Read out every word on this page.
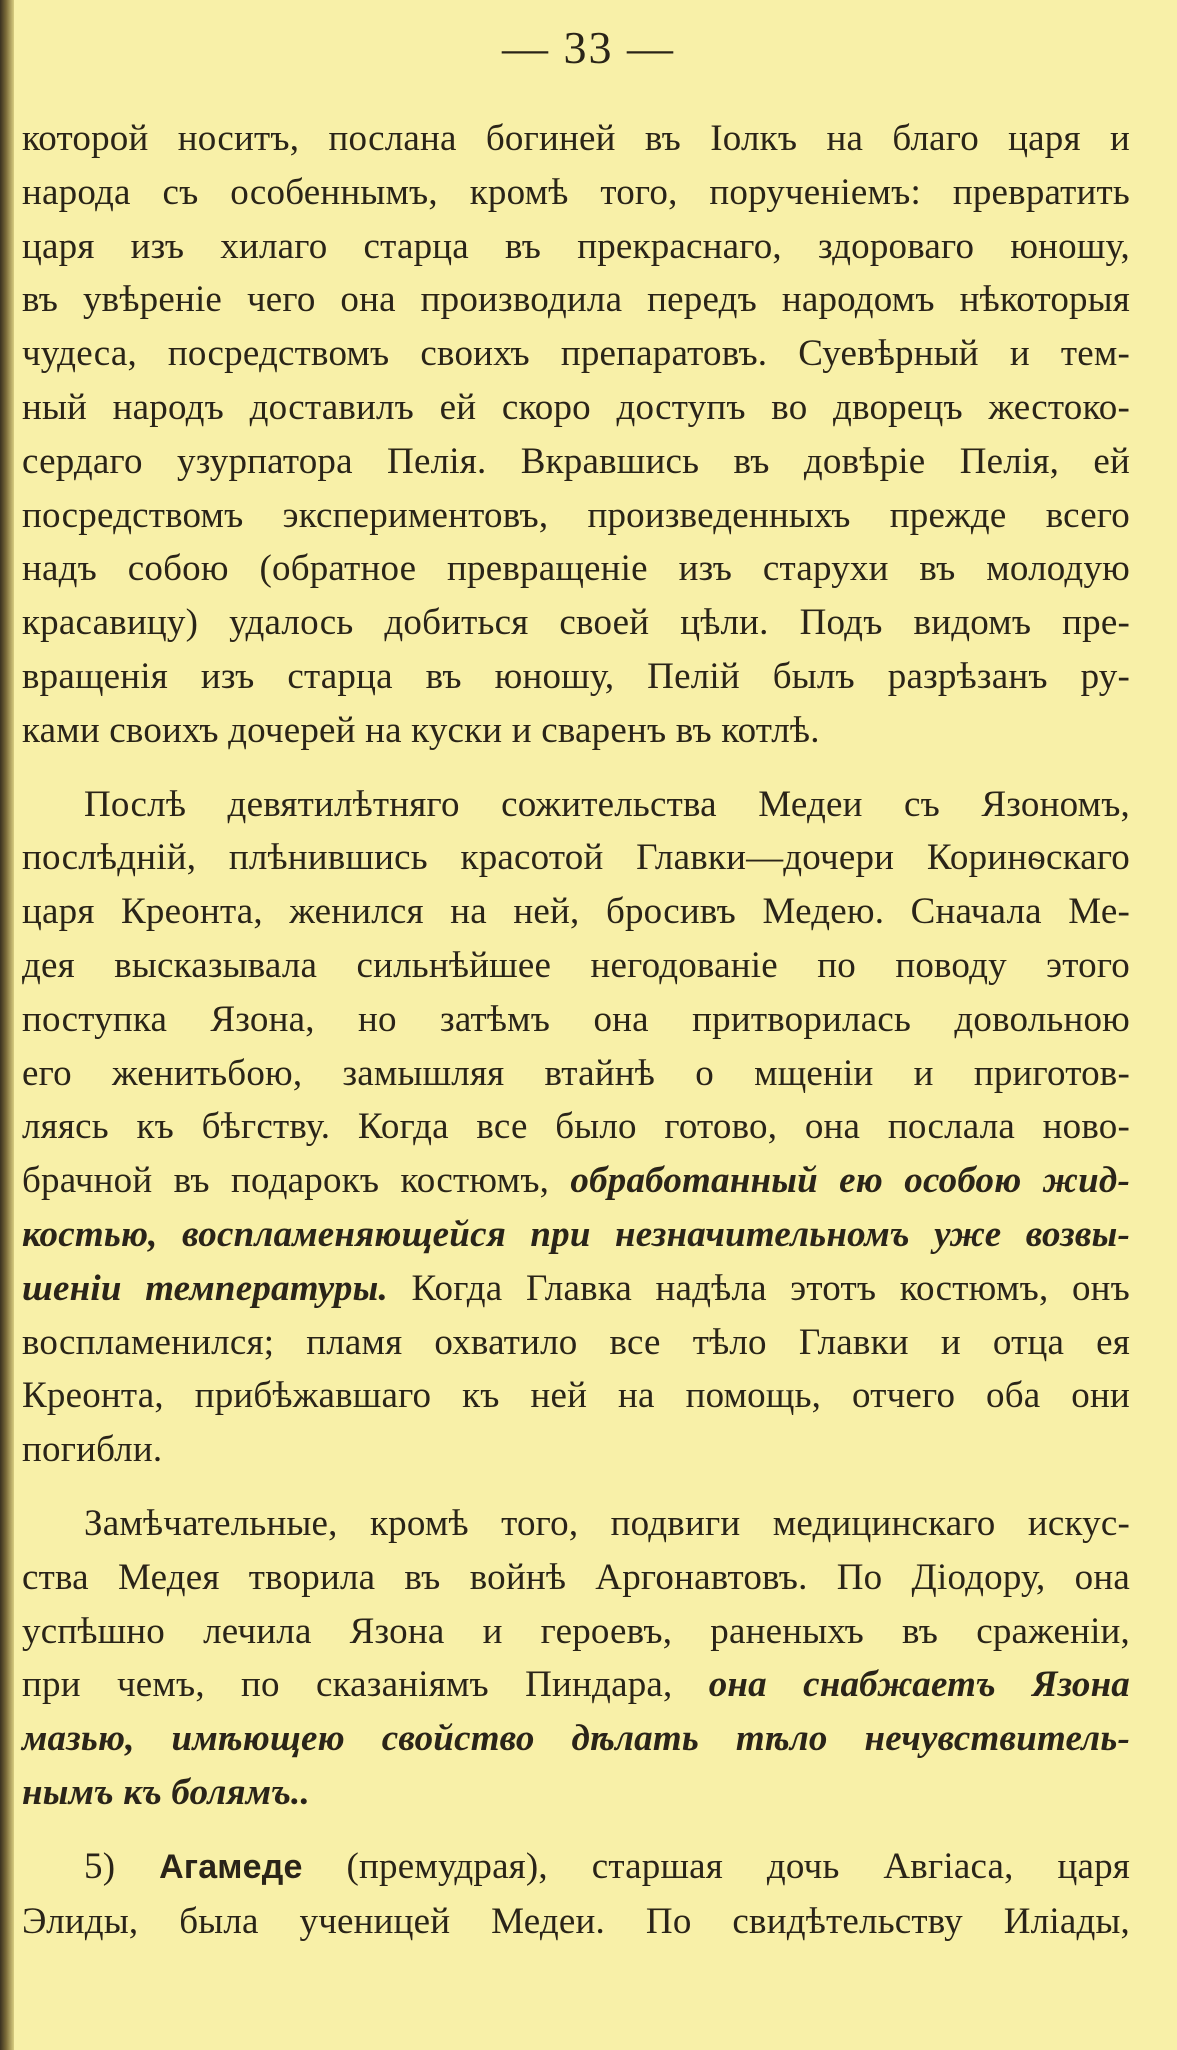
— 33 —
которой носитъ, послана богиней въ Іолкъ на благо царя и
народа съ особеннымъ, кромѣ того, порученіемъ: превратить
царя изъ хилаго старца въ прекраснаго, здороваго юношу,
въ увѣреніе чего она производила передъ народомъ нѣкоторыя
чудеса, посредствомъ своихъ препаратовъ. Суевѣрный и тем-
ный народъ доставилъ ей скоро доступъ во дворецъ жестоко-
сердаго узурпатора Пелія. Вкравшись въ довѣріе Пелія, ей
посредствомъ экспериментовъ, произведенныхъ прежде всего
надъ собою (обратное превращеніе изъ старухи въ молодую
красавицу) удалось добиться своей цѣли. Подъ видомъ пре-
вращенія изъ старца въ юношу, Пелій былъ разрѣзанъ ру-
ками своихъ дочерей на куски и сваренъ въ котлѣ.
Послѣ девятилѣтняго сожительства Медеи съ Язономъ,
послѣдній, плѣнившись красотой Главки—дочери Коринѳскаго
царя Креонта, женился на ней, бросивъ Медею. Сначала Ме-
дея высказывала сильнѣйшее негодованіе по поводу этого
поступка Язона, но затѣмъ она притворилась довольною
его женитьбою, замышляя втайнѣ о мщеніи и приготов-
ляясь къ бѣгству. Когда все было готово, она послала ново-
брачной въ подарокъ костюмъ, обработанный ею особою жид-
костью, воспламеняющейся при незначительномъ уже возвы-
шеніи температуры. Когда Главка надѣла этотъ костюмъ, онъ
воспламенился; пламя охватило все тѣло Главки и отца ея
Креонта, прибѣжавшаго къ ней на помощь, отчего оба они
погибли.
Замѣчательные, кромѣ того, подвиги медицинскаго искус-
ства Медея творила въ войнѣ Аргонавтовъ. По Діодору, она
успѣшно лечила Язона и героевъ, раненыхъ въ сраженіи,
при чемъ, по сказаніямъ Пиндара, она снабжаетъ Язона
мазью, имѣющею свойство дѣлать тѣло нечувствитель-
нымъ къ болямъ..
5) Агамеде (премудрая), старшая дочь Авгіаса, царя
Элиды, была ученицей Медеи. По свидѣтельству Иліады,
